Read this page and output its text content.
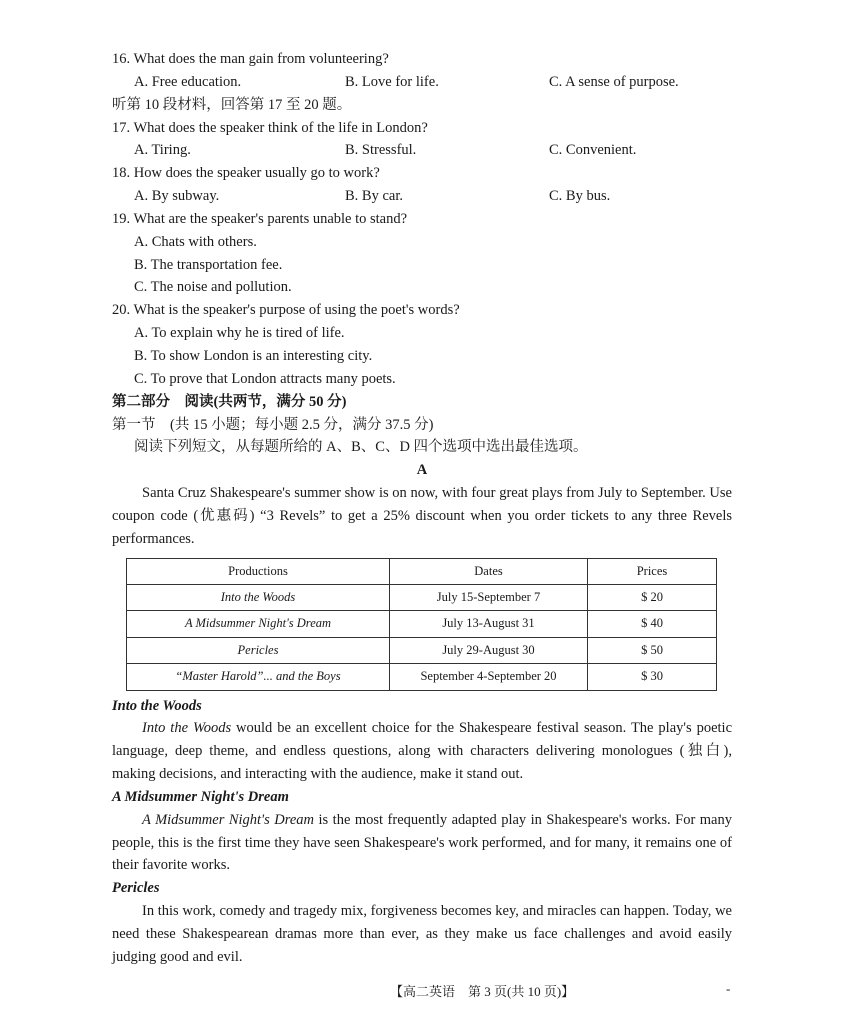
16. What does the man gain from volunteering?
A. Free education.	B. Love for life.	C. A sense of purpose.
听第 10 段材料，回答第 17 至 20 题。
17. What does the speaker think of the life in London?
A. Tiring.	B. Stressful.	C. Convenient.
18. How does the speaker usually go to work?
A. By subway.	B. By car.	C. By bus.
19. What are the speaker's parents unable to stand?
A. Chats with others.
B. The transportation fee.
C. The noise and pollution.
20. What is the speaker's purpose of using the poet's words?
A. To explain why he is tired of life.
B. To show London is an interesting city.
C. To prove that London attracts many poets.
第二部分　阅读(共两节，满分 50 分)
第一节　(共 15 小题；每小题 2.5 分，满分 37.5 分)
阅读下列短文，从每题所给的 A、B、C、D 四个选项中选出最佳选项。
A
Santa Cruz Shakespeare's summer show is on now, with four great plays from July to September. Use coupon code (优惠码) “3 Revels” to get a 25% discount when you order tickets to any three Revels performances.
Productions	Dates	Prices
Into the Woods	July 15-September 7	$ 20
A Midsummer Night's Dream	July 13-August 31	$ 40
Pericles	July 29-August 30	$ 50
“Master Harold”... and the Boys	September 4-September 20	$ 30
Into the Woods
Into the Woods would be an excellent choice for the Shakespeare festival season. The play's poetic language, deep theme, and endless questions, along with characters delivering monologues (独白), making decisions, and interacting with the audience, make it stand out.
A Midsummer Night's Dream
A Midsummer Night's Dream is the most frequently adapted play in Shakespeare's works. For many people, this is the first time they have seen Shakespeare's work performed, and for many, it remains one of their favorite works.
Pericles
In this work, comedy and tragedy mix, forgiveness becomes key, and miracles can happen. Today, we need these Shakespearean dramas more than ever, as they make us face challenges and avoid easily judging good and evil.
【高二英语　第 3 页(共 10 页)】	-
